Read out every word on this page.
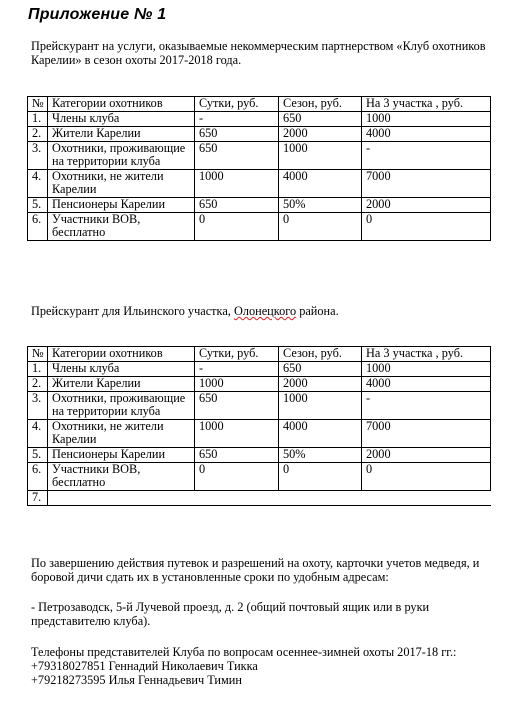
Приложение № 1
Прейскурант на услуги, оказываемые некоммерческим партнерством «Клуб охотников Карелии» в сезон охоты 2017-2018 года.
№	Категории охотников	Сутки, руб.	Сезон, руб.	На 3 участка , руб.
1.	Члены клуба	-	650	1000
2.	Жители Карелии	650	2000	4000
3.	Охотники, проживающие на территории клуба	650	1000	-
4.	Охотники, не жители Карелии	1000	4000	7000
5.	Пенсионеры Карелии	650	50%	2000
6.	Участники ВОВ, бесплатно	0	0	0
Прейскурант для Ильинского участка, Олонецкого района.
№	Категории охотников	Сутки, руб.	Сезон, руб.	На 3 участка , руб.
1.	Члены клуба	-	650	1000
2.	Жители Карелии	1000	2000	4000
3.	Охотники, проживающие на территории клуба	650	1000	-
4.	Охотники, не жители Карелии	1000	4000	7000
5.	Пенсионеры Карелии	650	50%	2000
6.	Участники ВОВ, бесплатно	0	0	0
7.				
По завершению действия путевок и разрешений на охоту, карточки учетов медведя, и боровой дичи сдать их в установленные сроки по удобным адресам:
- Петрозаводск, 5-й Лучевой проезд, д. 2 (общий почтовый ящик или в руки представителю клуба).
Телефоны представителей Клуба по вопросам осеннее-зимней охоты 2017-18 гг.:
+79318027851 Геннадий Николаевич Тикка
+79218273595 Илья Геннадьевич Тимин
